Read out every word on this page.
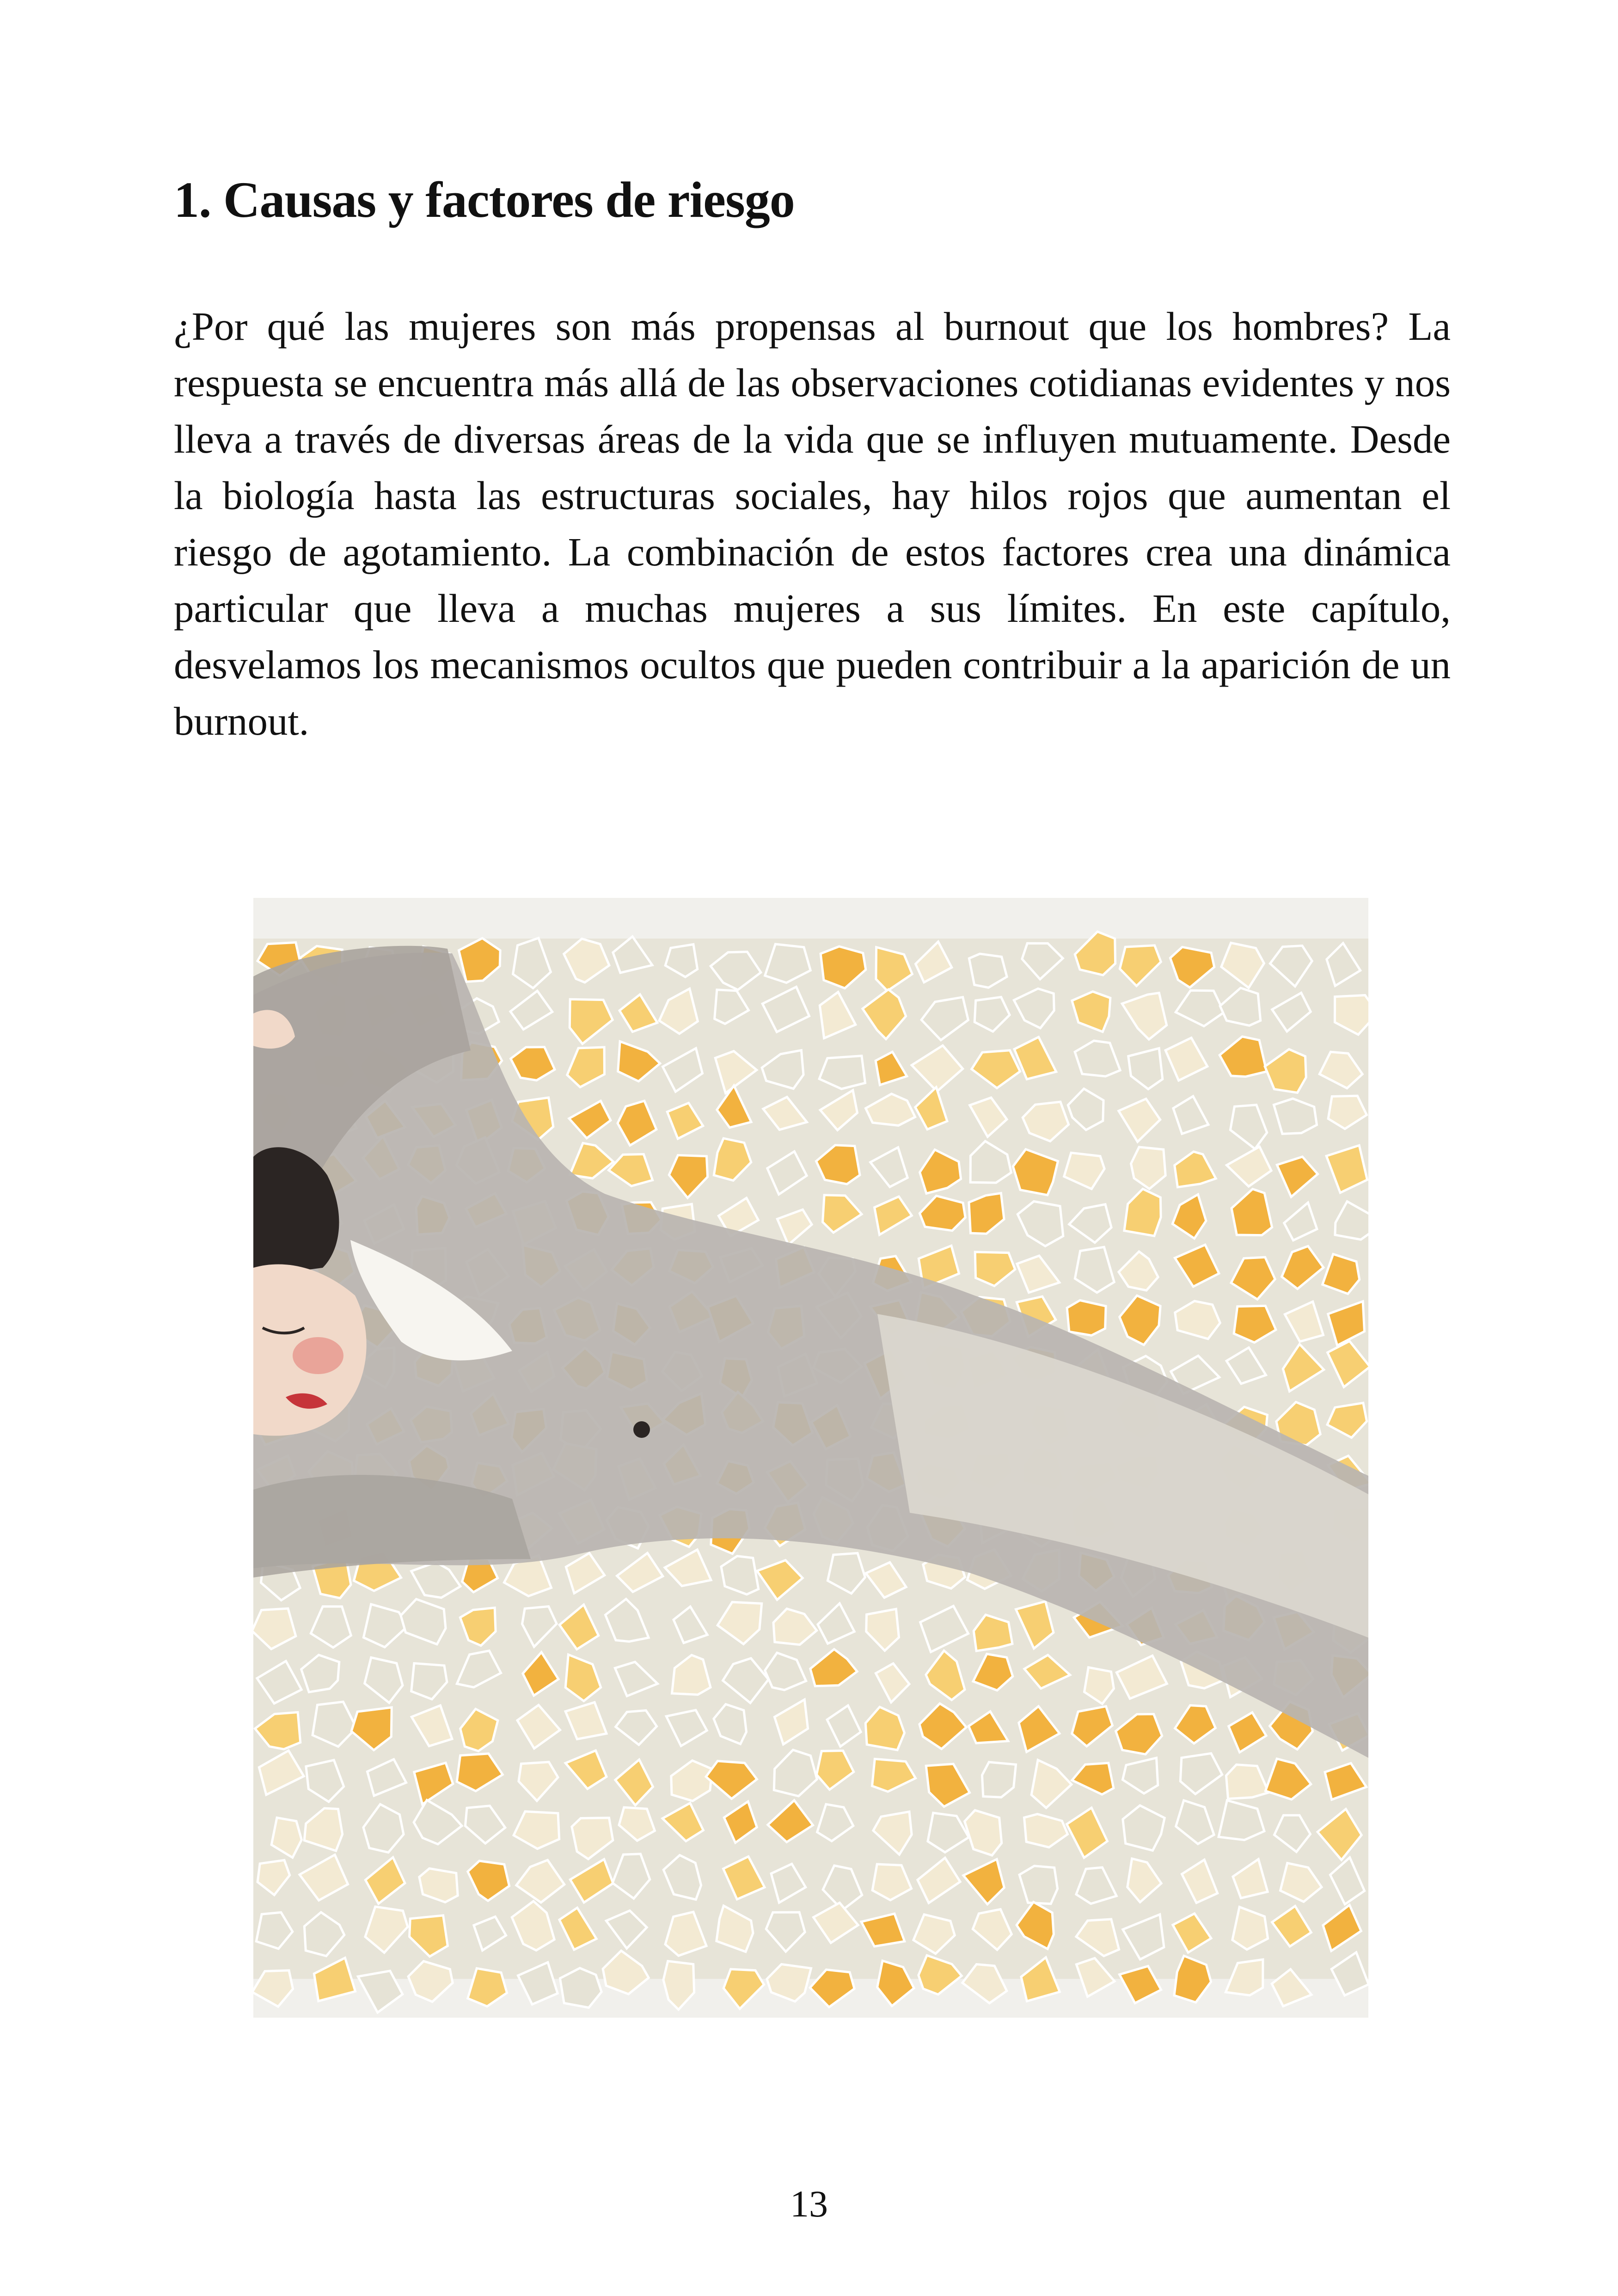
1. Causas y factores de riesgo

¿Por qué las mujeres son más propensas al burnout que los hombres? La respuesta se encuentra más allá de las observaciones cotidianas evidentes y nos lleva a través de diversas áreas de la vida que se influyen mutuamente. Desde la biología hasta las estructuras sociales, hay hilos rojos que aumentan el riesgo de agotamiento. La combinación de estos factores crea una dinámica particular que lleva a muchas mujeres a sus límites. En este capítulo, desvelamos los mecanismos ocultos que pueden contribuir a la aparición de un burnout.

13
